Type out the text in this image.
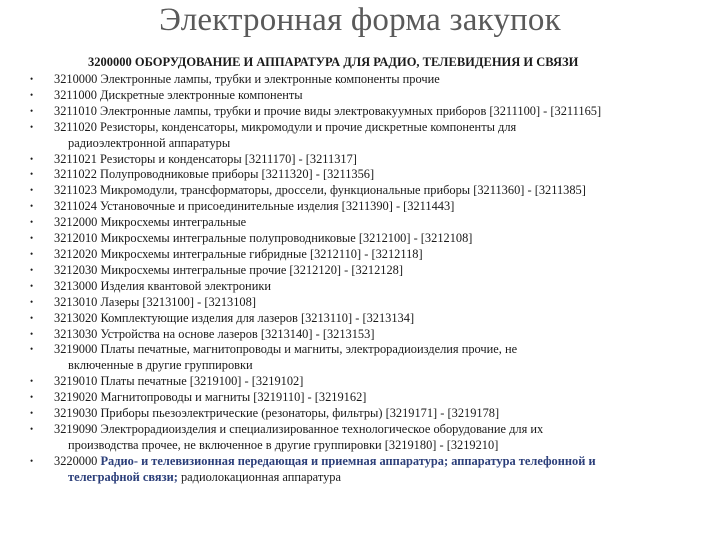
Электронная форма закупок
3200000 ОБОРУДОВАНИЕ И АППАРАТУРА ДЛЯ РАДИО, ТЕЛЕВИДЕНИЯ И СВЯЗИ
•
3210000 Электронные лампы, трубки и электронные компоненты прочие
•
3211000 Дискретные электронные компоненты
•
3211010 Электронные лампы, трубки и прочие виды электровакуумных приборов [3211100] - [3211165]
•
3211020 Резисторы, конденсаторы, микромодули и прочие дискретные компоненты для
радиоэлектронной аппаратуры
•
3211021 Резисторы и конденсаторы [3211170] - [3211317]
•
3211022 Полупроводниковые приборы [3211320] - [3211356]
•
3211023 Микромодули, трансформаторы, дроссели, функциональные приборы [3211360] - [3211385]
•
3211024 Установочные и присоединительные изделия [3211390] - [3211443]
•
3212000 Микросхемы интегральные
•
3212010 Микросхемы интегральные полупроводниковые [3212100] - [3212108]
•
3212020 Микросхемы интегральные гибридные [3212110] - [3212118]
•
3212030 Микросхемы интегральные прочие [3212120] - [3212128]
•
3213000 Изделия квантовой электроники
•
3213010 Лазеры [3213100] - [3213108]
•
3213020 Комплектующие изделия для лазеров [3213110] - [3213134]
•
3213030 Устройства на основе лазеров [3213140] - [3213153]
•
3219000 Платы печатные, магнитопроводы и магниты, электрорадиоизделия прочие, не
включенные в другие группировки
•
3219010 Платы печатные [3219100] - [3219102]
•
3219020 Магнитопроводы и магниты [3219110] - [3219162]
•
3219030 Приборы пьезоэлектрические (резонаторы, фильтры) [3219171] - [3219178]
•
3219090 Электрорадиоизделия и специализированное технологическое оборудование для их
производства прочее, не включенное в другие группировки [3219180] - [3219210]
•
3220000 Радио- и телевизионная передающая и приемная аппаратура; аппаратура телефонной и
телеграфной связи; радиолокационная аппаратура
